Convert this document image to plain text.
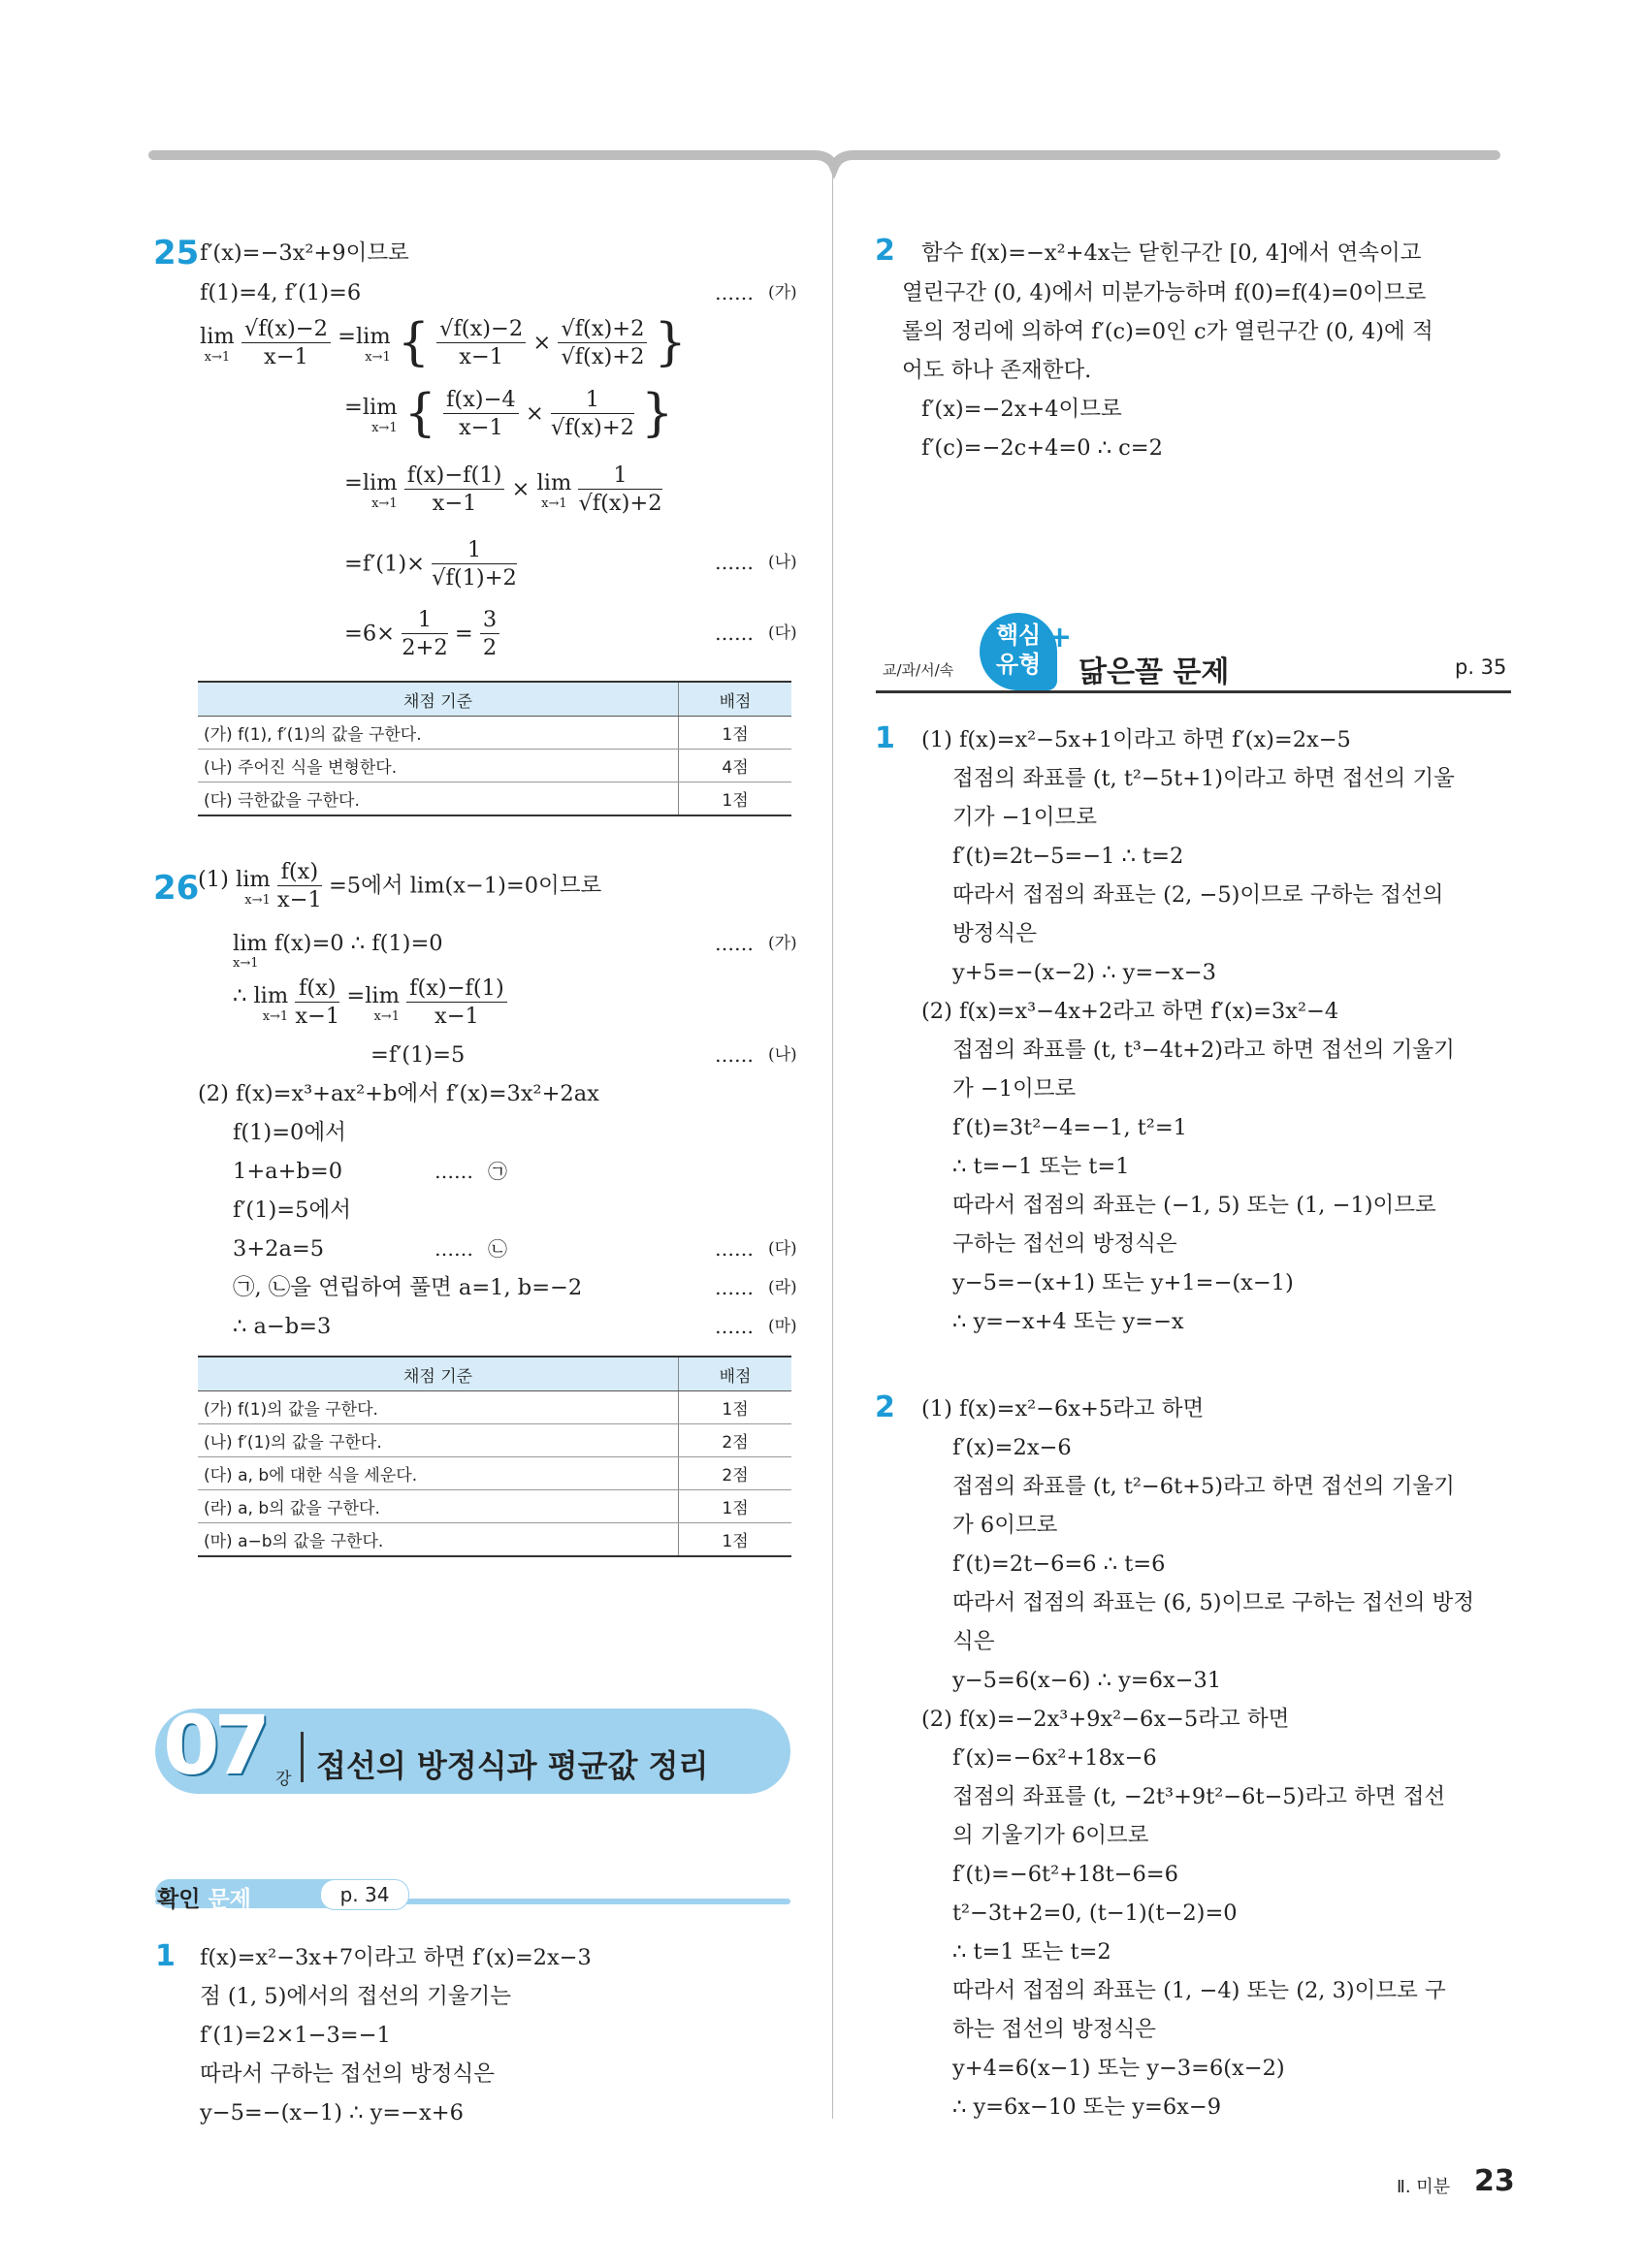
25 f′(x)=−3x²+9이므로
f(1)=4, f′(1)=6	…… (가)
lim

x→1
$\frac{√f(x)-2}{x-1} =\lim$

x→1 { $\frac{√f(x)-2}{x-1} \times \frac{√f(x)+2}{√f(x)+2}$ }
=lim

x→1 { $\frac{f(x)-4}{x-1} \times \frac{1}{√f(x)+2}$ }
=lim

x→1
$\frac{f(x)-f(1)}{x-1} \times \lim$

x→1
$\frac{1}{√f(x)+2}$
$=f'(1)\times \frac{1}{√f(1)+2}$	…… (나)
$=6\times \frac{1}{2+2} = \frac{3}{2}$	…… (다)
채점 기준	배점
(가) f(1), f′(1)의 값을 구한다.	1점
(나) 주어진 식을 변형한다.	4점
(다) 극한값을 구한다.	1점
26
(1) lim

x→1
$\frac{f(x)}{x-1} =5$에서 lim(x−1)=0이므로
lim f(x)=0 ∴ f(1)=0
x→1
…… (가)
∴ lim

x→1
$\frac{f(x)}{x-1} =\lim$

x→1
$\frac{f(x)-f(1)}{x-1}$
=f′(1)=5	…… (나)
(2) f(x)=x³+ax²+b에서 f′(x)=3x²+2ax
f(1)=0에서
1+a+b=0	…… ㉠
f′(1)=5에서
3+2a=5	…… ㉡	…… (다)
㉠, ㉡을 연립하여 풀면 a=1, b=−2	…… (라)
∴ a−b=3	…… (마)
채점 기준	배점
(가) f(1)의 값을 구한다.	1점
(나) f′(1)의 값을 구한다.	2점
(다) a, b에 대한 식을 세운다.	2점
(라) a, b의 값을 구한다.	1점
(마) a−b의 값을 구한다.	1점
07 강 접선의 방정식과 평균값 정리
확인 문제	p. 34
1 f(x)=x²−3x+7이라고 하면 f′(x)=2x−3
점 (1, 5)에서의 접선의 기울기는
f′(1)=2×1−3=−1
따라서 구하는 접선의 방정식은
y−5=−(x−1) ∴ y=−x+6
2 함수 f(x)=−x²+4x는 닫힌구간 [0, 4]에서 연속이고
열린구간 (0, 4)에서 미분가능하며 f(0)=f(4)=0이므로
롤의 정리에 의하여 f′(c)=0인 c가 열린구간 (0, 4)에 적
어도 하나 존재한다.
f′(x)=−2x+4이므로
f′(c)=−2c+4=0 ∴ c=2
교/과/서/속
핵심
유형
+
닮은꼴 문제	p. 35
1 (1) f(x)=x²−5x+1이라고 하면 f′(x)=2x−5
접점의 좌표를 (t, t²−5t+1)이라고 하면 접선의 기울
기가 −1이므로
f′(t)=2t−5=−1 ∴ t=2
따라서 접점의 좌표는 (2, −5)이므로 구하는 접선의
방정식은
y+5=−(x−2) ∴ y=−x−3
(2) f(x)=x³−4x+2라고 하면 f′(x)=3x²−4
접점의 좌표를 (t, t³−4t+2)라고 하면 접선의 기울기
가 −1이므로
f′(t)=3t²−4=−1, t²=1
∴ t=−1 또는 t=1
따라서 접점의 좌표는 (−1, 5) 또는 (1, −1)이므로
구하는 접선의 방정식은
y−5=−(x+1) 또는 y+1=−(x−1)
∴ y=−x+4 또는 y=−x
2 (1) f(x)=x²−6x+5라고 하면
f′(x)=2x−6
접점의 좌표를 (t, t²−6t+5)라고 하면 접선의 기울기
가 6이므로
f′(t)=2t−6=6 ∴ t=6
따라서 접점의 좌표는 (6, 5)이므로 구하는 접선의 방정
식은
y−5=6(x−6) ∴ y=6x−31
(2) f(x)=−2x³+9x²−6x−5라고 하면
f′(x)=−6x²+18x−6
접점의 좌표를 (t, −2t³+9t²−6t−5)라고 하면 접선
의 기울기가 6이므로
f′(t)=−6t²+18t−6=6
t²−3t+2=0, (t−1)(t−2)=0
∴ t=1 또는 t=2
따라서 접점의 좌표는 (1, −4) 또는 (2, 3)이므로 구
하는 접선의 방정식은
y+4=6(x−1) 또는 y−3=6(x−2)
∴ y=6x−10 또는 y=6x−9
Ⅱ. 미분 23
